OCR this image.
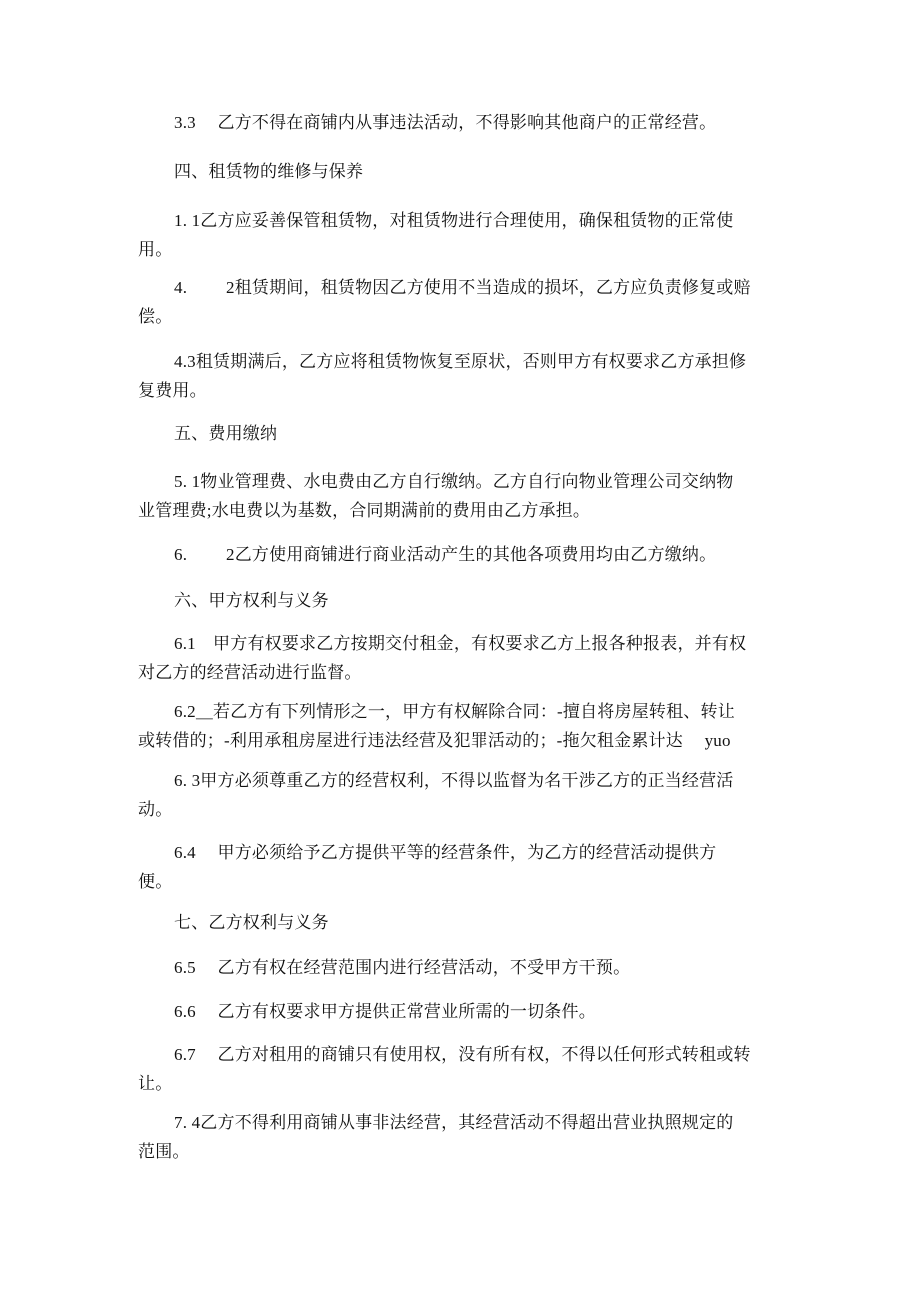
3.3　 乙方不得在商铺内从事违法活动，不得影响其他商户的正常经营。
四、租赁物的维修与保养
1. 1乙方应妥善保管租赁物，对租赁物进行合理使用，确保租赁物的正常使
用。
4.　　 2租赁期间，租赁物因乙方使用不当造成的损坏，乙方应负责修复或赔
偿。
4.3租赁期满后，乙方应将租赁物恢复至原状，否则甲方有权要求乙方承担修
复费用。
五、费用缴纳
5. 1物业管理费、水电费由乙方自行缴纳。乙方自行向物业管理公司交纳物
业管理费;水电费以为基数，合同期满前的费用由乙方承担。
6.　　 2乙方使用商铺进行商业活动产生的其他各项费用均由乙方缴纳。
六、甲方权利与义务
6.1　甲方有权要求乙方按期交付租金，有权要求乙方上报各种报表，并有权
对乙方的经营活动进行监督。
6.2＿若乙方有下列情形之一，甲方有权解除合同：-擅自将房屋转租、转让
或转借的；-利用承租房屋进行违法经营及犯罪活动的；-拖欠租金累计达　 yuo
6. 3甲方必须尊重乙方的经营权利，不得以监督为名干涉乙方的正当经营活
动。
6.4　 甲方必须给予乙方提供平等的经营条件，为乙方的经营活动提供方
便。
七、乙方权利与义务
6.5　 乙方有权在经营范围内进行经营活动，不受甲方干预。
6.6　 乙方有权要求甲方提供正常营业所需的一切条件。
6.7　 乙方对租用的商铺只有使用权，没有所有权，不得以任何形式转租或转
让。
7. 4乙方不得利用商铺从事非法经营，其经营活动不得超出营业执照规定的
范围。
